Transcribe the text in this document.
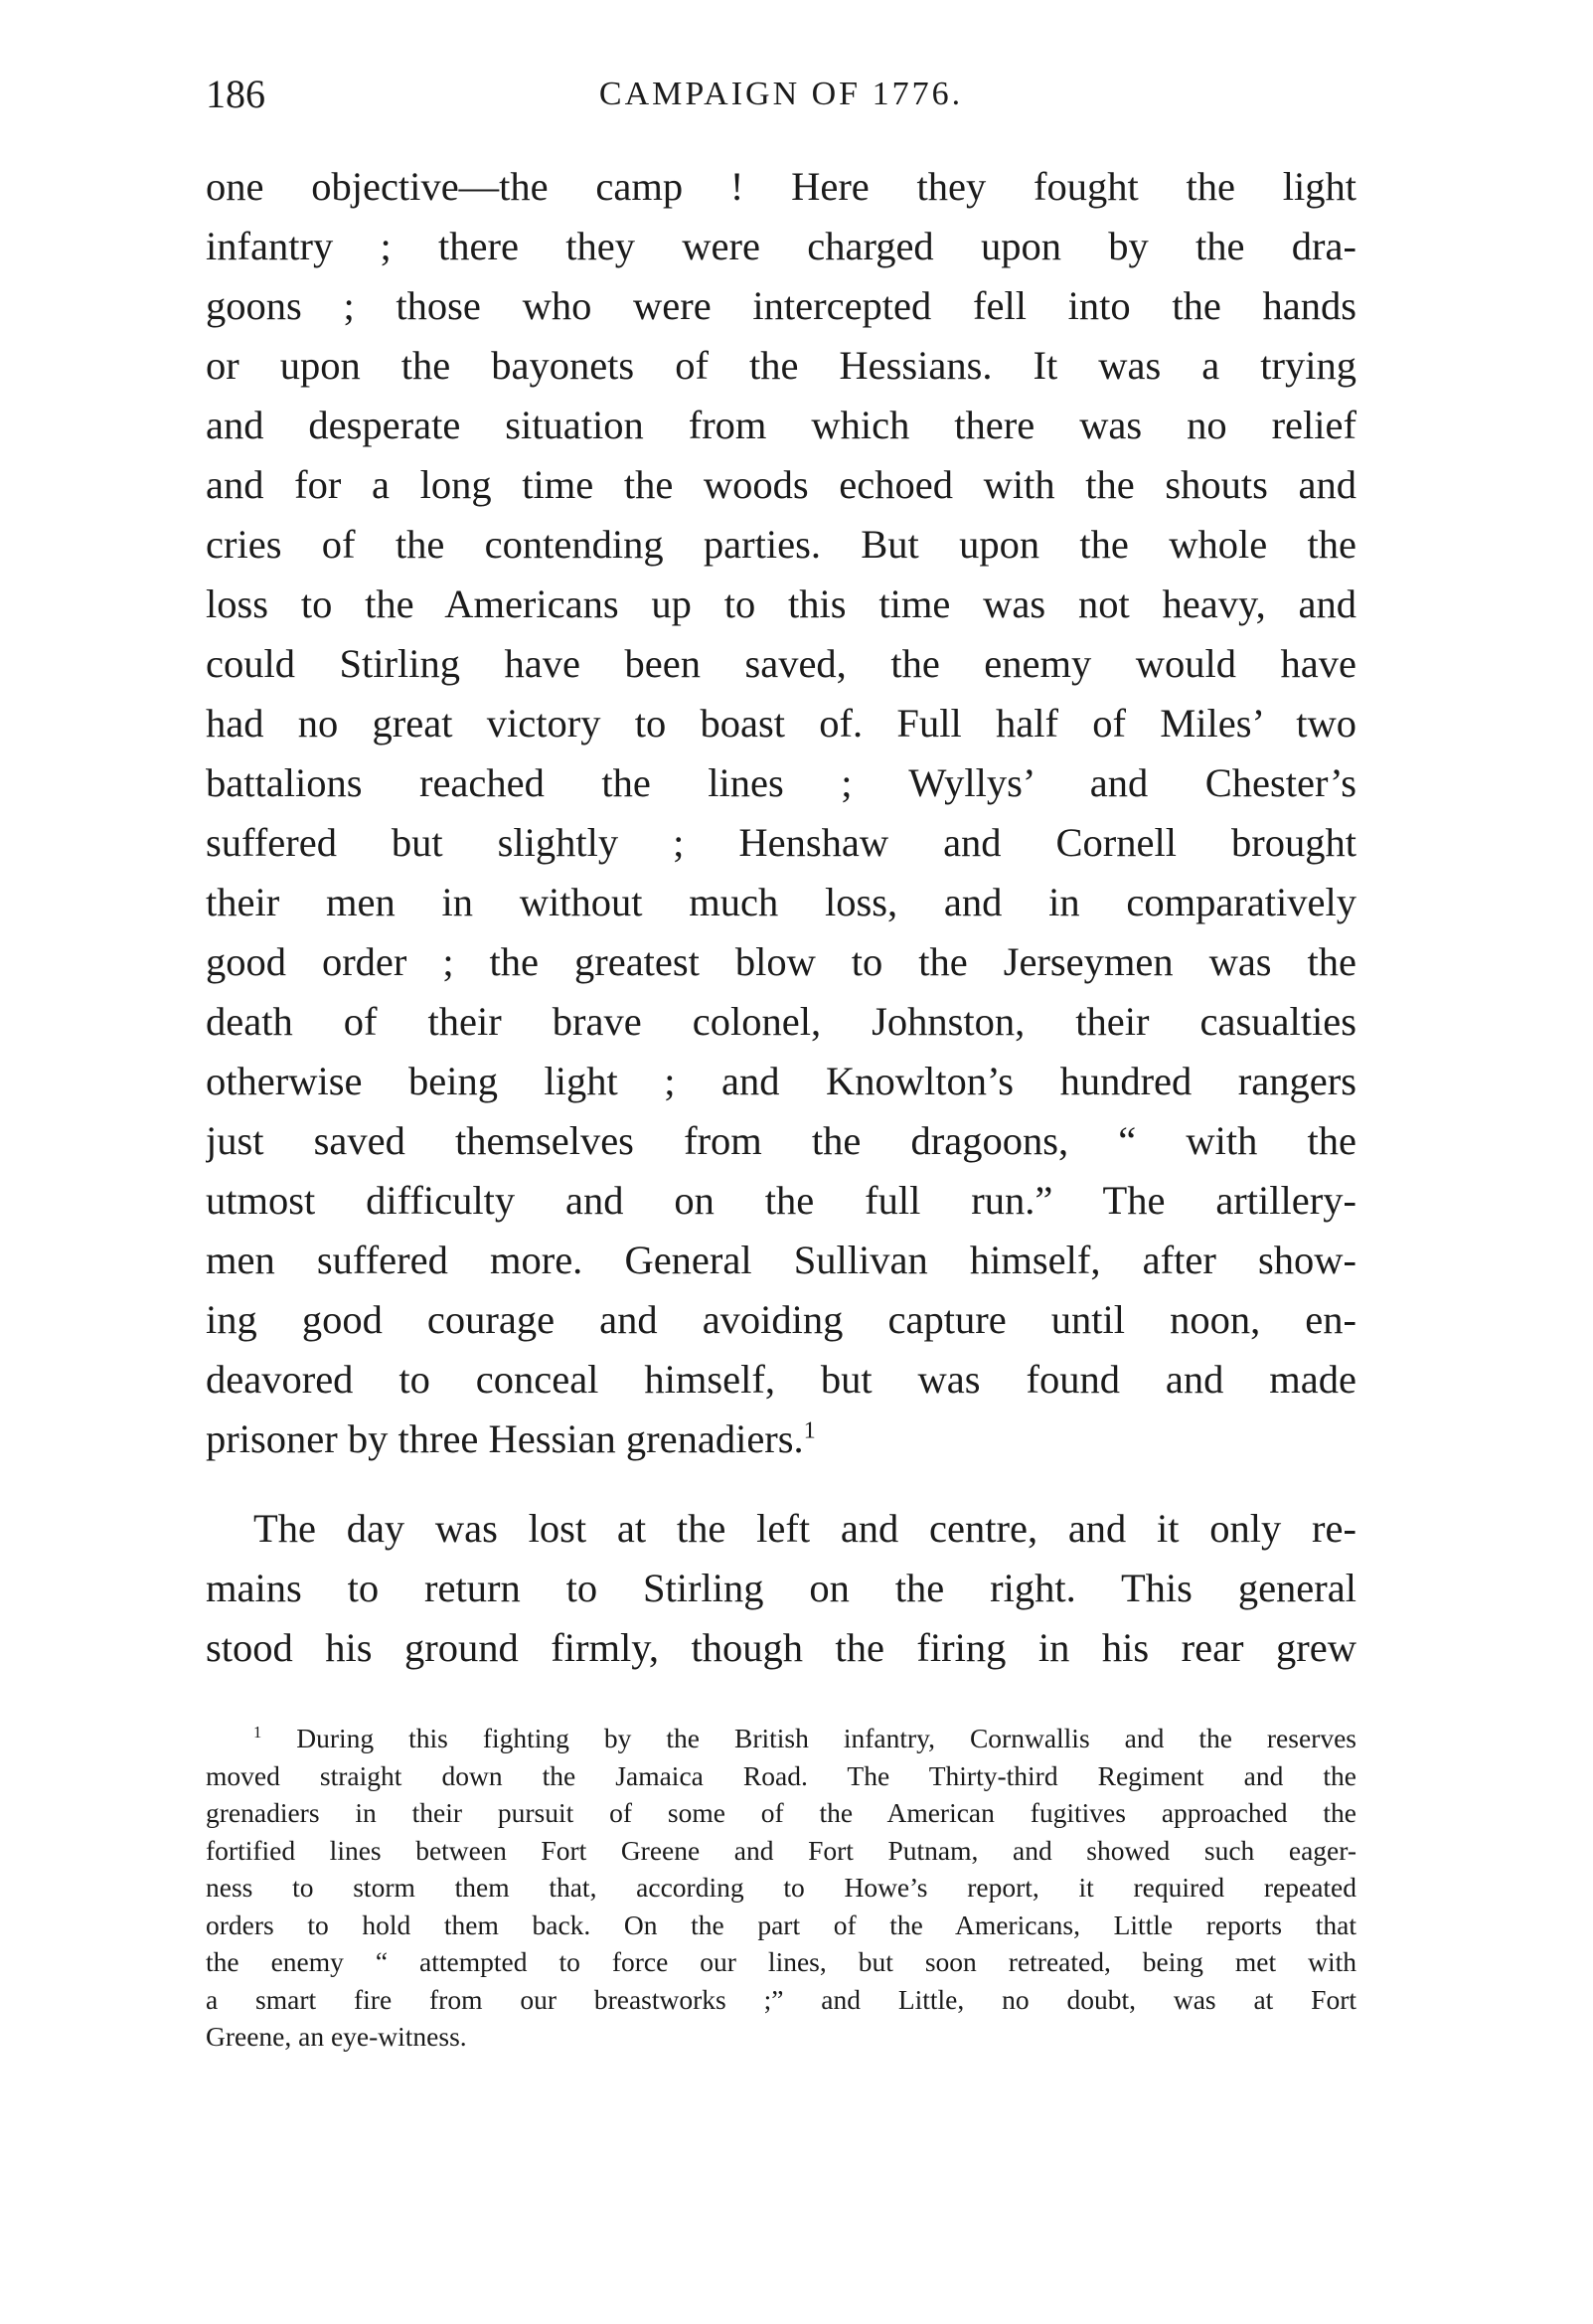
186	CAMPAIGN OF 1776.
one objective—the camp ! Here they fought the light
infantry ; there they were charged upon by the dra-
goons ; those who were intercepted fell into the hands
or upon the bayonets of the Hessians. It was a trying
and desperate situation from which there was no relief
and for a long time the woods echoed with the shouts and
cries of the contending parties. But upon the whole the
loss to the Americans up to this time was not heavy, and
could Stirling have been saved, the enemy would have
had no great victory to boast of. Full half of Miles’ two
battalions reached the lines ; Wyllys’ and Chester’s
suffered but slightly ; Henshaw and Cornell brought
their men in without much loss, and in comparatively
good order ; the greatest blow to the Jerseymen was the
death of their brave colonel, Johnston, their casualties
otherwise being light ; and Knowlton’s hundred rangers
just saved themselves from the dragoons, “ with the
utmost difficulty and on the full run.” The artillery-
men suffered more. General Sullivan himself, after show-
ing good courage and avoiding capture until noon, en-
deavored to conceal himself, but was found and made
prisoner by three Hessian grenadiers.$^1$
The day was lost at the left and centre, and it only re-
mains to return to Stirling on the right. This general
stood his ground firmly, though the firing in his rear grew
$^1$ During this fighting by the British infantry, Cornwallis and the reserves
moved straight down the Jamaica Road. The Thirty-third Regiment and the
grenadiers in their pursuit of some of the American fugitives approached the
fortified lines between Fort Greene and Fort Putnam, and showed such eager-
ness to storm them that, according to Howe’s report, it required repeated
orders to hold them back. On the part of the Americans, Little reports that
the enemy “ attempted to force our lines, but soon retreated, being met with
a smart fire from our breastworks ;” and Little, no doubt, was at Fort
Greene, an eye-witness.
